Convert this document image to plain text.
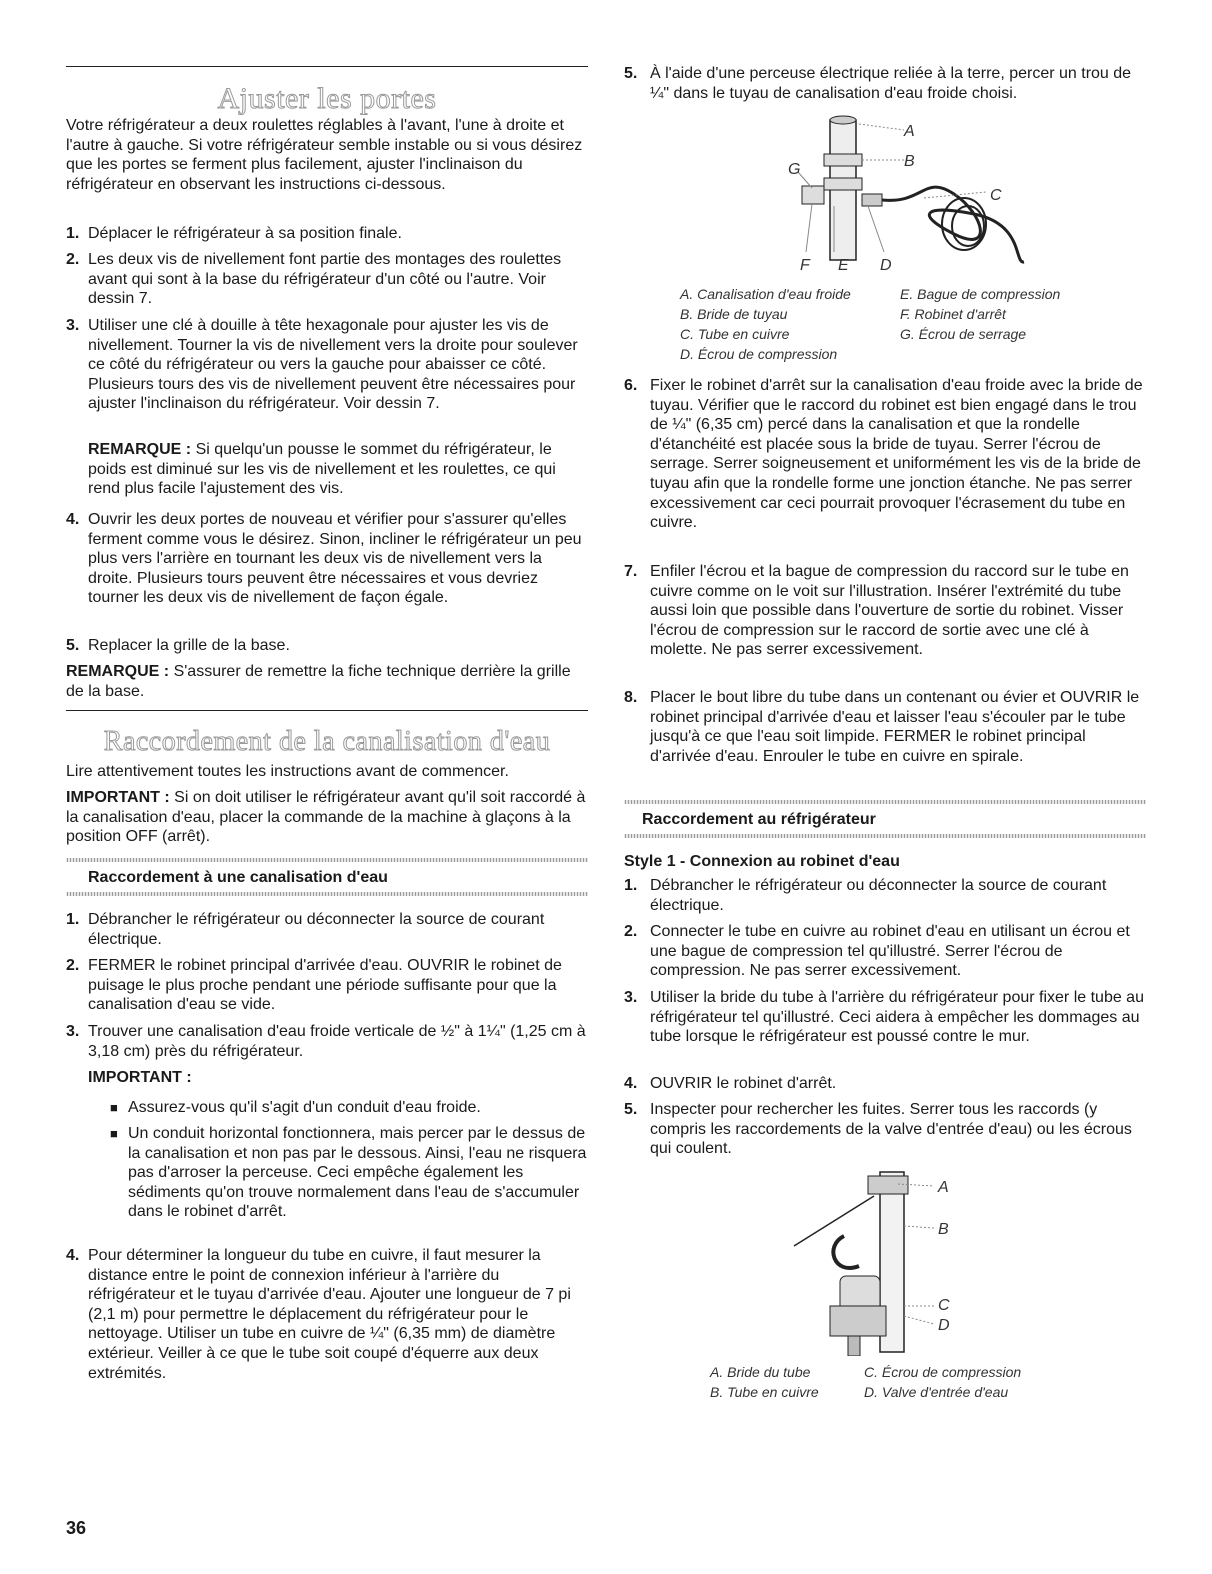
Ajuster les portes

Votre réfrigérateur a deux roulettes réglables à l'avant, l'une à droite et l'autre à gauche. Si votre réfrigérateur semble instable ou si vous désirez que les portes se ferment plus facilement, ajuster l'inclinaison du réfrigérateur en observant les instructions ci-dessous.

1. Déplacer le réfrigérateur à sa position finale.

2. Les deux vis de nivellement font partie des montages des roulettes avant qui sont à la base du réfrigérateur d'un côté ou l'autre. Voir dessin 7.

3. Utiliser une clé à douille à tête hexagonale pour ajuster les vis de nivellement. Tourner la vis de nivellement vers la droite pour soulever ce côté du réfrigérateur ou vers la gauche pour abaisser ce côté. Plusieurs tours des vis de nivellement peuvent être nécessaires pour ajuster l'inclinaison du réfrigérateur. Voir dessin 7.

REMARQUE : Si quelqu'un pousse le sommet du réfrigérateur, le poids est diminué sur les vis de nivellement et les roulettes, ce qui rend plus facile l'ajustement des vis.

4. Ouvrir les deux portes de nouveau et vérifier pour s'assurer qu'elles ferment comme vous le désirez. Sinon, incliner le réfrigérateur un peu plus vers l'arrière en tournant les deux vis de nivellement vers la droite. Plusieurs tours peuvent être nécessaires et vous devriez tourner les deux vis de nivellement de façon égale.

5. Replacer la grille de la base.

REMARQUE : S'assurer de remettre la fiche technique derrière la grille de la base.

Raccordement de la canalisation d'eau

Lire attentivement toutes les instructions avant de commencer.

IMPORTANT : Si on doit utiliser le réfrigérateur avant qu'il soit raccordé à la canalisation d'eau, placer la commande de la machine à glaçons à la position OFF (arrêt).

Raccordement à une canalisation d'eau
1. Débrancher le réfrigérateur ou déconnecter la source de courant électrique.

2. FERMER le robinet principal d'arrivée d'eau. OUVRIR le robinet de puisage le plus proche pendant une période suffisante pour que la canalisation d'eau se vide.

3. Trouver une canalisation d'eau froide verticale de ½" à 1¼" (1,25 cm à 3,18 cm) près du réfrigérateur.

IMPORTANT :
■ Assurez-vous qu'il s'agit d'un conduit d'eau froide.

■ Un conduit horizontal fonctionnera, mais percer par le dessus de la canalisation et non pas par le dessous. Ainsi, l'eau ne risquera pas d'arroser la perceuse. Ceci empêche également les sédiments qu'on trouve normalement dans l'eau de s'accumuler dans le robinet d'arrêt.

4. Pour déterminer la longueur du tube en cuivre, il faut mesurer la distance entre le point de connexion inférieur à l'arrière du réfrigérateur et le tuyau d'arrivée d'eau. Ajouter une longueur de 7 pi (2,1 m) pour permettre le déplacement du réfrigérateur pour le nettoyage. Utiliser un tube en cuivre de ¼" (6,35 mm) de diamètre extérieur. Veiller à ce que le tube soit coupé d'équerre aux deux extrémités.

5. À l'aide d'une perceuse électrique reliée à la terre, percer un trou de ¼" dans le tuyau de canalisation d'eau froide choisi.

A
B
C
D
E
F
G
A. Canalisation d'eau froide
B. Bride de tuyau
C. Tube en cuivre
D. Écrou de compression
E. Bague de compression
F. Robinet d'arrêt
G. Écrou de serrage
6. Fixer le robinet d'arrêt sur la canalisation d'eau froide avec la bride de tuyau. Vérifier que le raccord du robinet est bien engagé dans le trou de ¼" (6,35 cm) percé dans la canalisation et que la rondelle d'étanchéité est placée sous la bride de tuyau. Serrer l'écrou de serrage. Serrer soigneusement et uniformément les vis de la bride de tuyau afin que la rondelle forme une jonction étanche. Ne pas serrer excessivement car ceci pourrait provoquer l'écrasement du tube en cuivre.

7. Enfiler l'écrou et la bague de compression du raccord sur le tube en cuivre comme on le voit sur l'illustration. Insérer l'extrémité du tube aussi loin que possible dans l'ouverture de sortie du robinet. Visser l'écrou de compression sur le raccord de sortie avec une clé à molette. Ne pas serrer excessivement.

8. Placer le bout libre du tube dans un contenant ou évier et OUVRIR le robinet principal d'arrivée d'eau et laisser l'eau s'écouler par le tube jusqu'à ce que l'eau soit limpide. FERMER le robinet principal d'arrivée d'eau. Enrouler le tube en cuivre en spirale.

Raccordement au réfrigérateur
Style 1 - Connexion au robinet d'eau
1. Débrancher le réfrigérateur ou déconnecter la source de courant électrique.

2. Connecter le tube en cuivre au robinet d'eau en utilisant un écrou et une bague de compression tel qu'illustré. Serrer l'écrou de compression. Ne pas serrer excessivement.

3. Utiliser la bride du tube à l'arrière du réfrigérateur pour fixer le tube au réfrigérateur tel qu'illustré. Ceci aidera à empêcher les dommages au tube lorsque le réfrigérateur est poussé contre le mur.

4. OUVRIR le robinet d'arrêt.

5. Inspecter pour rechercher les fuites. Serrer tous les raccords (y compris les raccordements de la valve d'entrée d'eau) ou les écrous qui coulent.

A
B
C
D
A. Bride du tube
B. Tube en cuivre
C. Écrou de compression
D. Valve d'entrée d'eau
36
